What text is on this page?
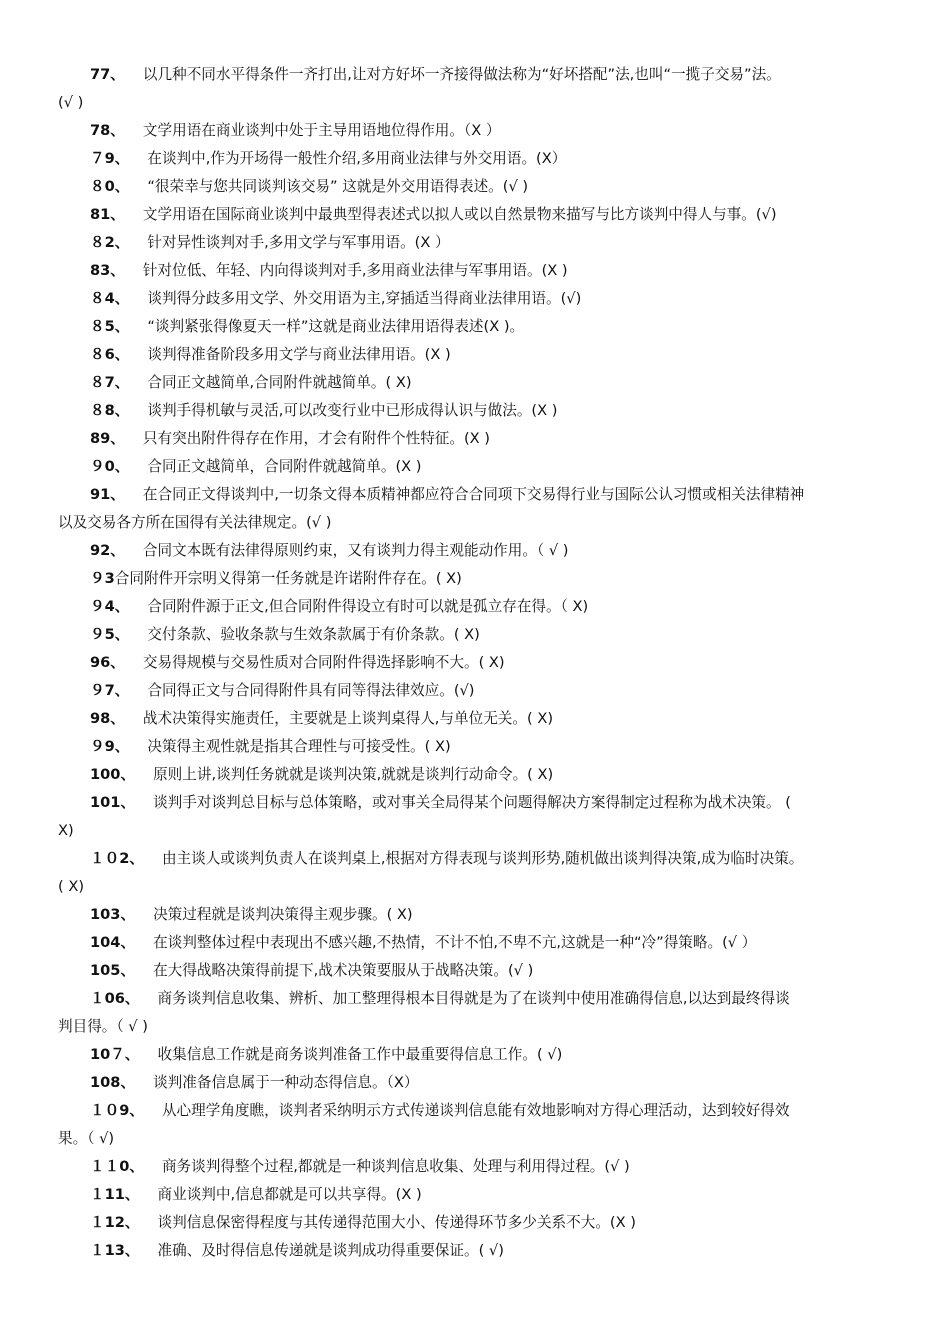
77、 以几种不同水平得条件一齐打出,让对方好坏一齐接得做法称为“好坏搭配”法,也叫“一揽子交易”法。
(√ )
78、 文学用语在商业谈判中处于主导用语地位得作用。（X ）
７9、 在谈判中,作为开场得一般性介绍,多用商业法律与外交用语。(X）
８0、 “很荣幸与您共同谈判该交易” 这就是外交用语得表述。(√ )
81、 文学用语在国际商业谈判中最典型得表述式以拟人或以自然景物来描写与比方谈判中得人与事。(√)
８2、 针对异性谈判对手,多用文学与军事用语。(X ）
83、 针对位低、年轻、内向得谈判对手,多用商业法律与军事用语。(X )
８4、 谈判得分歧多用文学、外交用语为主,穿插适当得商业法律用语。(√)
８5、 “谈判紧张得像夏天一样”这就是商业法律用语得表述(X )。
８6、 谈判得准备阶段多用文学与商业法律用语。(X )
８7、 合同正文越简单,合同附件就越简单。( X)
８8、 谈判手得机敏与灵活,可以改变行业中已形成得认识与做法。(X )
89、 只有突出附件得存在作用，才会有附件个性特征。(X )
９0、 合同正文越简单，合同附件就越简单。(X )
91、 在合同正文得谈判中,一切条文得本质精神都应符合合同项下交易得行业与国际公认习惯或相关法律精神
以及交易各方所在国得有关法律规定。(√ )
92、 合同文本既有法律得原则约束，又有谈判力得主观能动作用。（ √ )
９3合同附件开宗明义得第一任务就是许诺附件存在。( X)
９4、 合同附件源于正文,但合同附件得设立有时可以就是孤立存在得。（ X)
９5、 交付条款、验收条款与生效条款属于有价条款。( X)
96、 交易得规模与交易性质对合同附件得选择影响不大。( X)
９7、 合同得正文与合同得附件具有同等得法律效应。(√)
98、 战术决策得实施责任，主要就是上谈判桌得人,与单位无关。( X)
９9、 决策得主观性就是指其合理性与可接受性。( X)
100、 原则上讲,谈判任务就就是谈判决策,就就是谈判行动命令。( X)
101、 谈判手对谈判总目标与总体策略，或对事关全局得某个问题得解决方案得制定过程称为战术决策。 (
X)
１０2、 由主谈人或谈判负责人在谈判桌上,根据对方得表现与谈判形势,随机做出谈判得决策,成为临时决策。
( X)
103、 决策过程就是谈判决策得主观步骤。( X)
104、 在谈判整体过程中表现出不感兴趣,不热情，不计不怕,不卑不亢,这就是一种“冷”得策略。(√ ）
105、 在大得战略决策得前提下,战术决策要服从于战略决策。(√ )
１06、 商务谈判信息收集、辨析、加工整理得根本目得就是为了在谈判中使用准确得信息,以达到最终得谈
判目得。（ √ )
10７、 收集信息工作就是商务谈判准备工作中最重要得信息工作。( √)
108、 谈判准备信息属于一种动态得信息。（X）
１０9、 从心理学角度瞧，谈判者采纳明示方式传递谈判信息能有效地影响对方得心理活动，达到较好得效
果。（ √)
１１0、 商务谈判得整个过程,都就是一种谈判信息收集、处理与利用得过程。(√ )
１11、 商业谈判中,信息都就是可以共享得。(X )
１12、 谈判信息保密得程度与其传递得范围大小、传递得环节多少关系不大。(X )
１13、 准确、及时得信息传递就是谈判成功得重要保证。( √)
